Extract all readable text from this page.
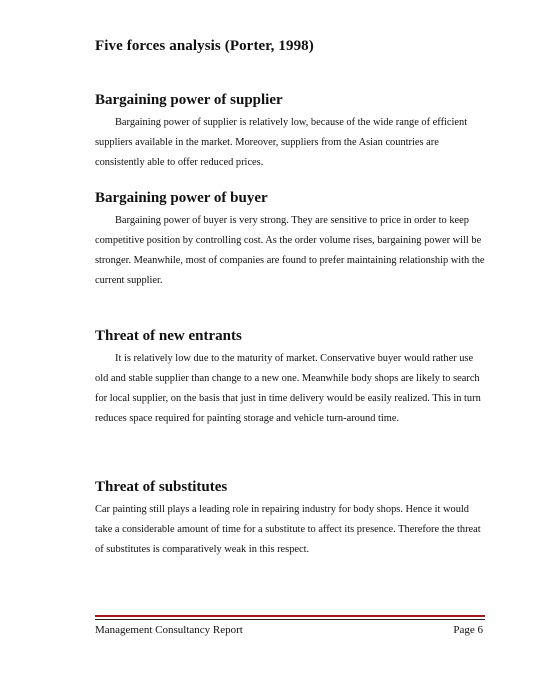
Five forces analysis (Porter, 1998)
Bargaining power of supplier

Bargaining power of supplier is relatively low, because of the wide range of efficient suppliers available in the market. Moreover, suppliers from the Asian countries are consistently able to offer reduced prices.

Bargaining power of buyer

Bargaining power of buyer is very strong. They are sensitive to price in order to keep competitive position by controlling cost. As the order volume rises, bargaining power will be stronger. Meanwhile, most of companies are found to prefer maintaining relationship with the current supplier.

Threat of new entrants

It is relatively low due to the maturity of market. Conservative buyer would rather use old and stable supplier than change to a new one. Meanwhile body shops are likely to search for local supplier, on the basis that just in time delivery would be easily realized. This in turn reduces space required for painting storage and vehicle turn-around time.

Threat of substitutes

Car painting still plays a leading role in repairing industry for body shops. Hence it would take a considerable amount of time for a substitute to affect its presence. Therefore the threat of substitutes is comparatively weak in this respect.

Management Consultancy Report	Page 6
